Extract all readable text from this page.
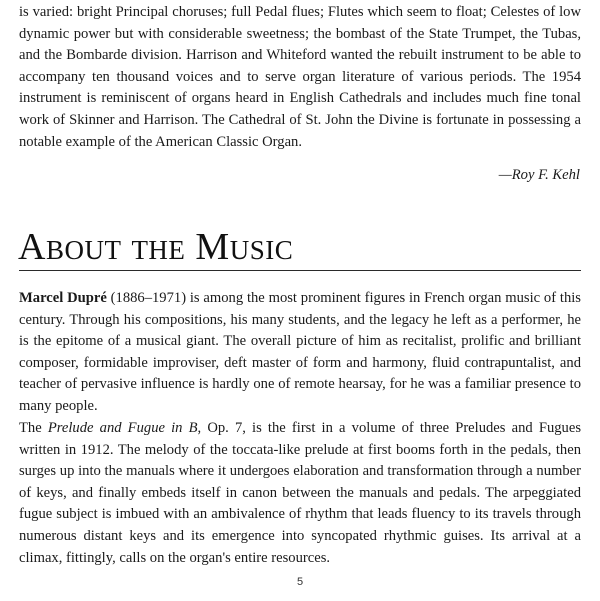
is varied: bright Principal choruses; full Pedal flues; Flutes which seem to float; Celestes of low dynamic power but with considerable sweetness; the bombast of the State Trumpet, the Tubas, and the Bombarde division. Harrison and Whiteford wanted the rebuilt instrument to be able to accompany ten thousand voices and to serve organ literature of various periods. The 1954 instrument is reminiscent of organs heard in English Cathedrals and includes much fine tonal work of Skinner and Harrison. The Cathedral of St. John the Divine is fortunate in possessing a notable example of the American Classic Organ.

—Roy F. Kehl

About the Music

Marcel Dupré (1886–1971) is among the most prominent figures in French organ music of this century. Through his compositions, his many students, and the legacy he left as a performer, he is the epitome of a musical giant. The overall picture of him as recitalist, prolific and brilliant composer, formidable improviser, deft master of form and harmony, fluid contrapuntalist, and teacher of pervasive influence is hardly one of remote hearsay, for he was a familiar presence to many people.

The Prelude and Fugue in B, Op. 7, is the first in a volume of three Preludes and Fugues written in 1912. The melody of the toccata-like prelude at first booms forth in the pedals, then surges up into the manuals where it undergoes elaboration and transformation through a number of keys, and finally embeds itself in canon between the manuals and pedals. The arpeggiated fugue subject is imbued with an ambivalence of rhythm that leads fluency to its travels through numerous distant keys and its emergence into syncopated rhythmic guises. Its arrival at a climax, fittingly, calls on the organ's entire resources.

5
